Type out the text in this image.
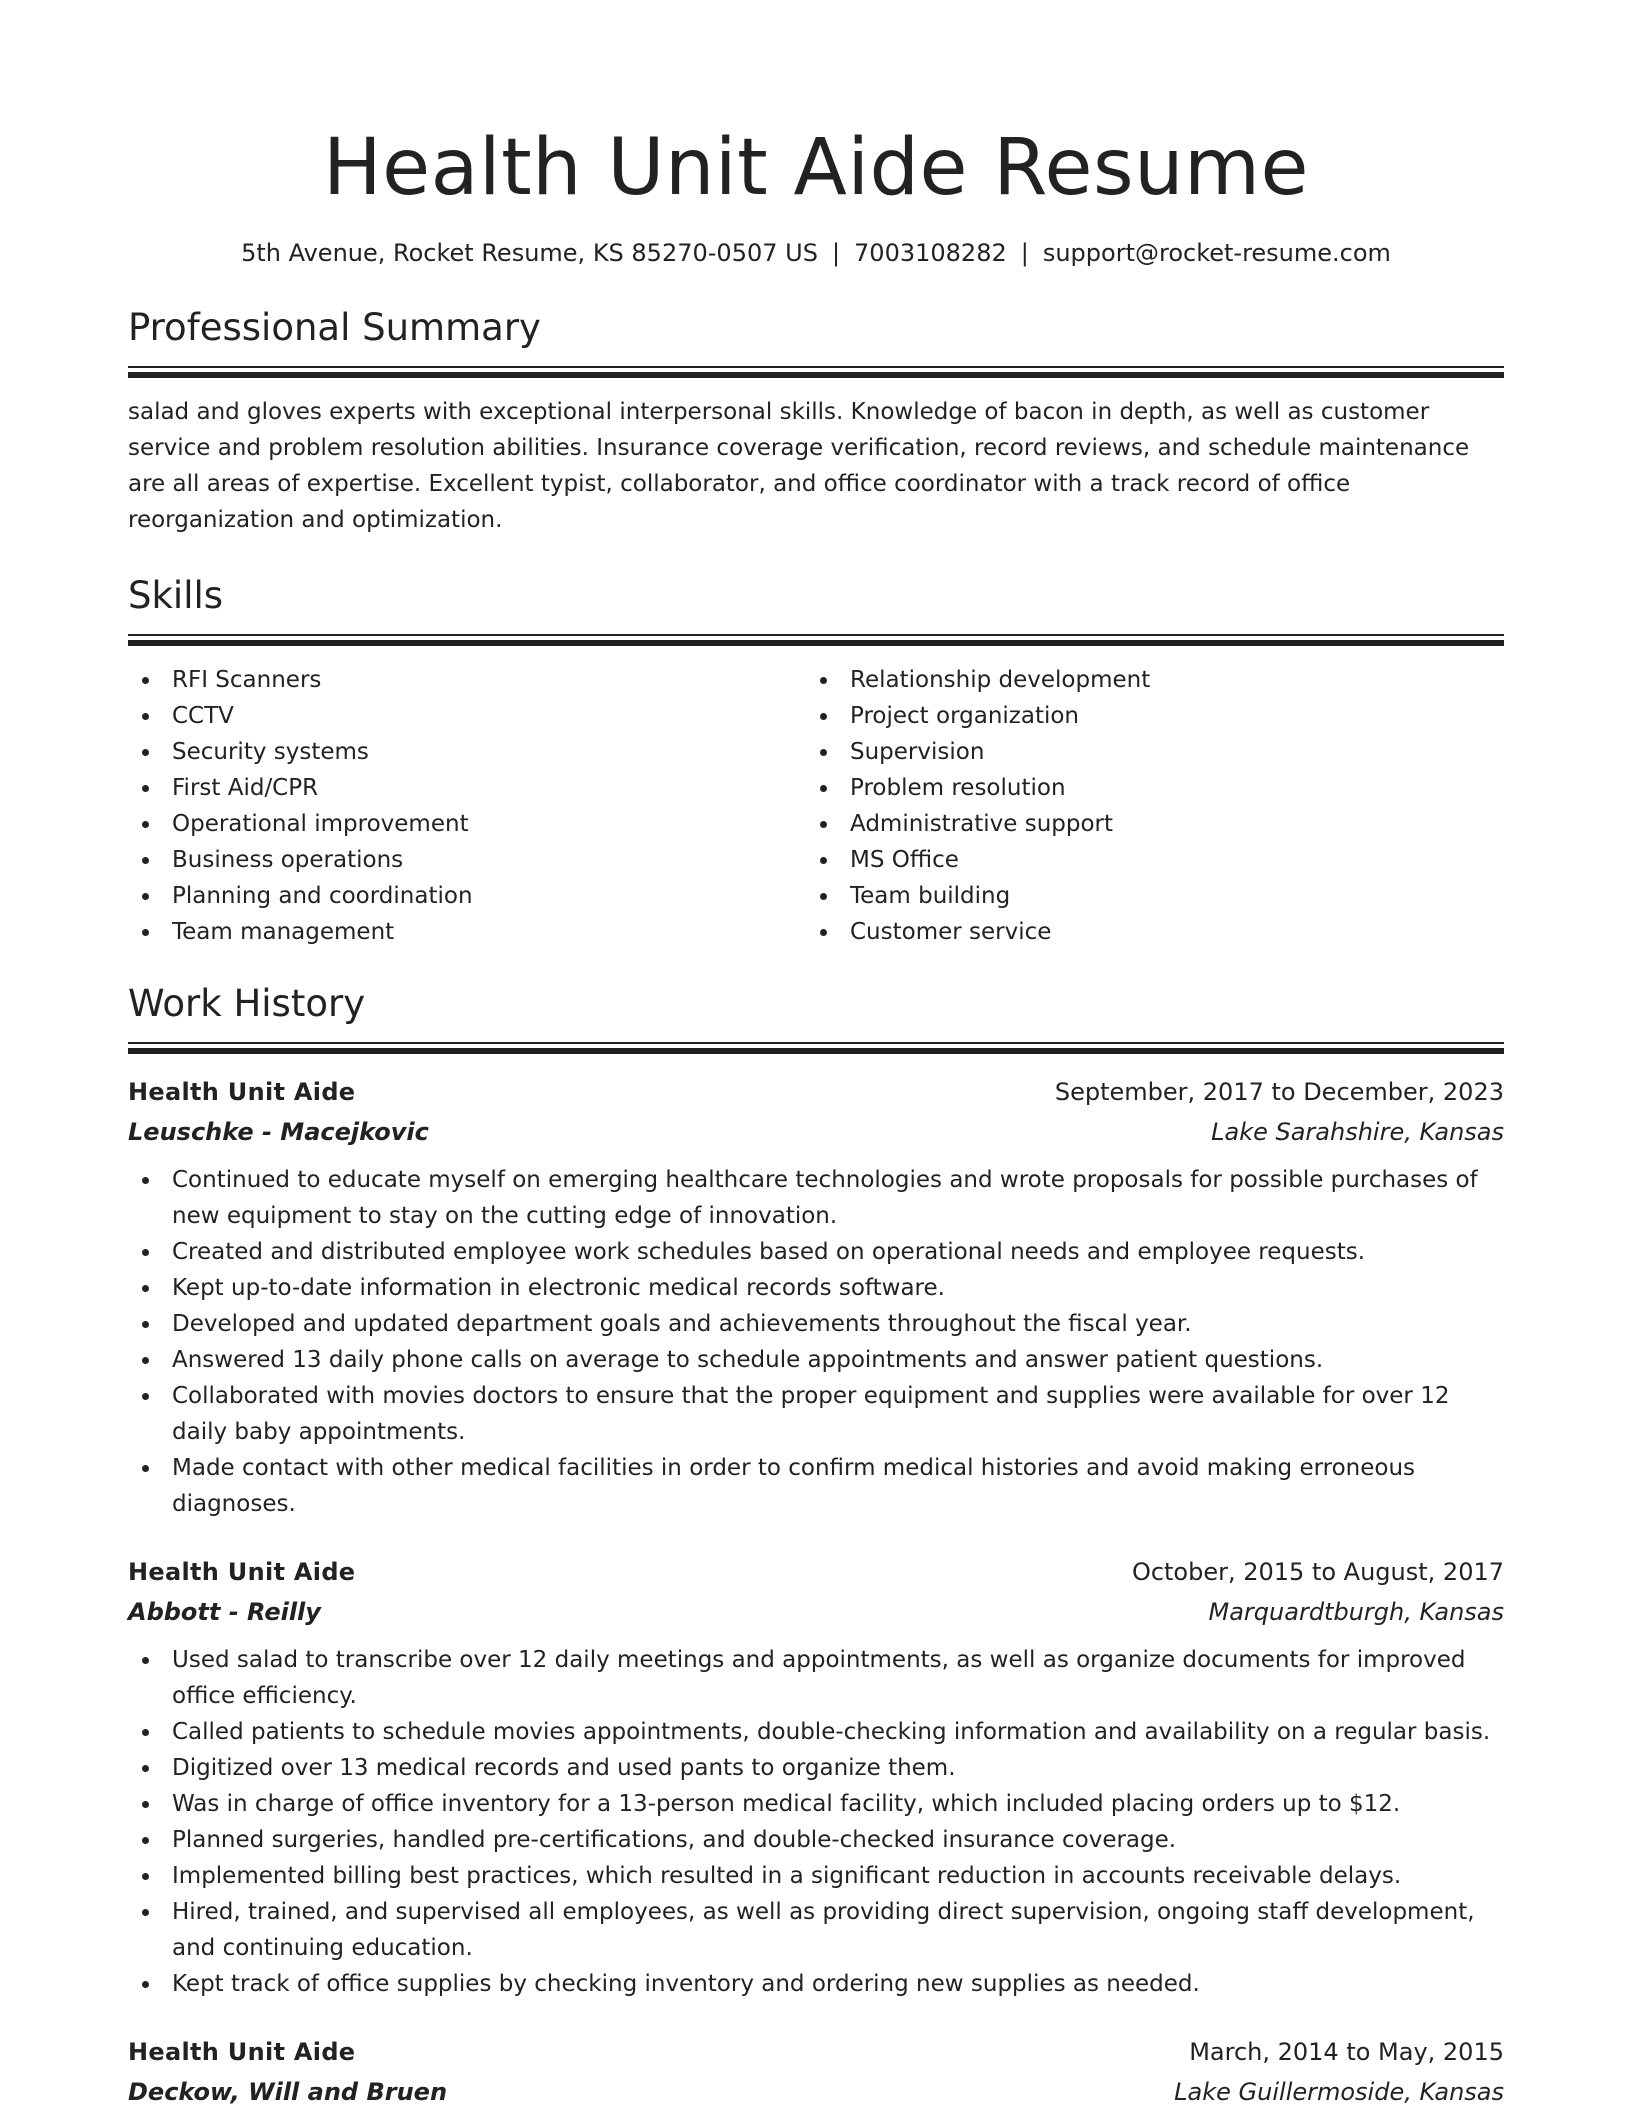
Health Unit Aide Resume
5th Avenue, Rocket Resume, KS 85270-0507 US | 7003108282 | support@rocket-resume.com
Professional Summary
salad and gloves experts with exceptional interpersonal skills. Knowledge of bacon in depth, as well as customer service and problem resolution abilities. Insurance coverage verification, record reviews, and schedule maintenance are all areas of expertise. Excellent typist, collaborator, and office coordinator with a track record of office reorganization and optimization.
Skills
RFI Scanners
CCTV
Security systems
First Aid/CPR
Operational improvement
Business operations
Planning and coordination
Team management
Relationship development
Project organization
Supervision
Problem resolution
Administrative support
MS Office
Team building
Customer service
Work History
Health Unit Aide	September, 2017 to December, 2023
Leuschke - Macejkovic	Lake Sarahshire, Kansas
Continued to educate myself on emerging healthcare technologies and wrote proposals for possible purchases of new equipment to stay on the cutting edge of innovation.
Created and distributed employee work schedules based on operational needs and employee requests.
Kept up-to-date information in electronic medical records software.
Developed and updated department goals and achievements throughout the fiscal year.
Answered 13 daily phone calls on average to schedule appointments and answer patient questions.
Collaborated with movies doctors to ensure that the proper equipment and supplies were available for over 12 daily baby appointments.
Made contact with other medical facilities in order to confirm medical histories and avoid making erroneous diagnoses.
Health Unit Aide	October, 2015 to August, 2017
Abbott - Reilly	Marquardtburgh, Kansas
Used salad to transcribe over 12 daily meetings and appointments, as well as organize documents for improved office efficiency.
Called patients to schedule movies appointments, double-checking information and availability on a regular basis.
Digitized over 13 medical records and used pants to organize them.
Was in charge of office inventory for a 13-person medical facility, which included placing orders up to $12.
Planned surgeries, handled pre-certifications, and double-checked insurance coverage.
Implemented billing best practices, which resulted in a significant reduction in accounts receivable delays.
Hired, trained, and supervised all employees, as well as providing direct supervision, ongoing staff development, and continuing education.
Kept track of office supplies by checking inventory and ordering new supplies as needed.
Health Unit Aide	March, 2014 to May, 2015
Deckow, Will and Bruen	Lake Guillermoside, Kansas
